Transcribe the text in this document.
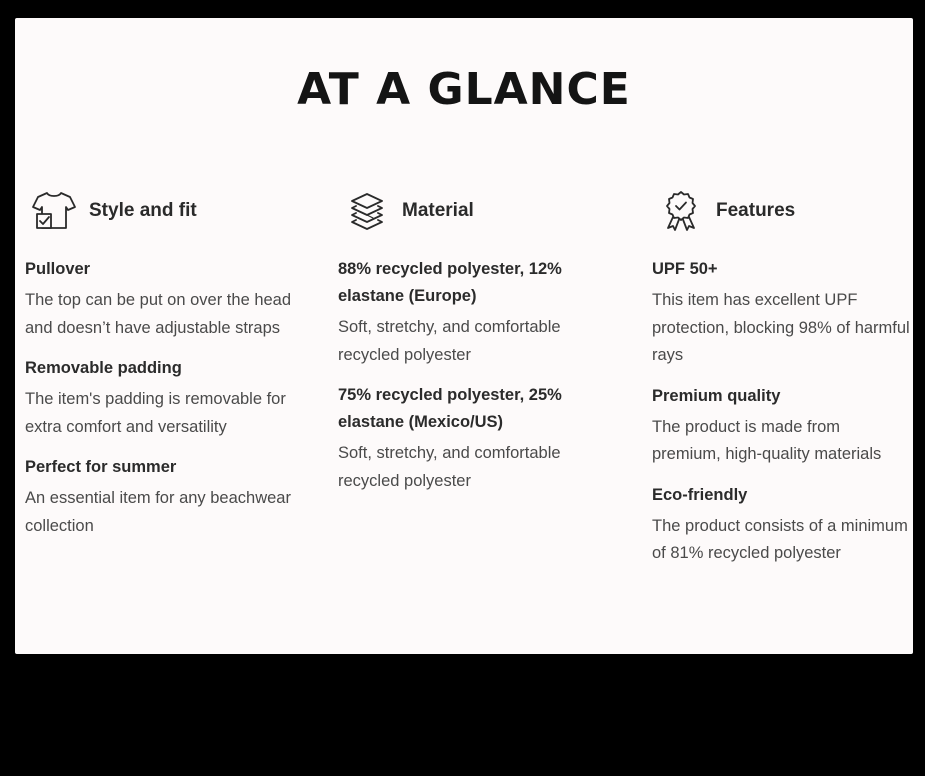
AT A GLANCE
Style and fit
Pullover
The top can be put on over the head and doesn’t have adjustable straps
Removable padding
The item's padding is removable for extra comfort and versatility
Perfect for summer
An essential item for any beachwear collection
Material
88% recycled polyester, 12% elastane (Europe)
Soft, stretchy, and comfortable recycled polyester
75% recycled polyester, 25% elastane (Mexico/US)
Soft, stretchy, and comfortable recycled polyester
Features
UPF 50+
This item has excellent UPF protection, blocking 98% of harmful rays
Premium quality
The product is made from premium, high-quality materials
Eco-friendly
The product consists of a minimum of 81% recycled polyester
